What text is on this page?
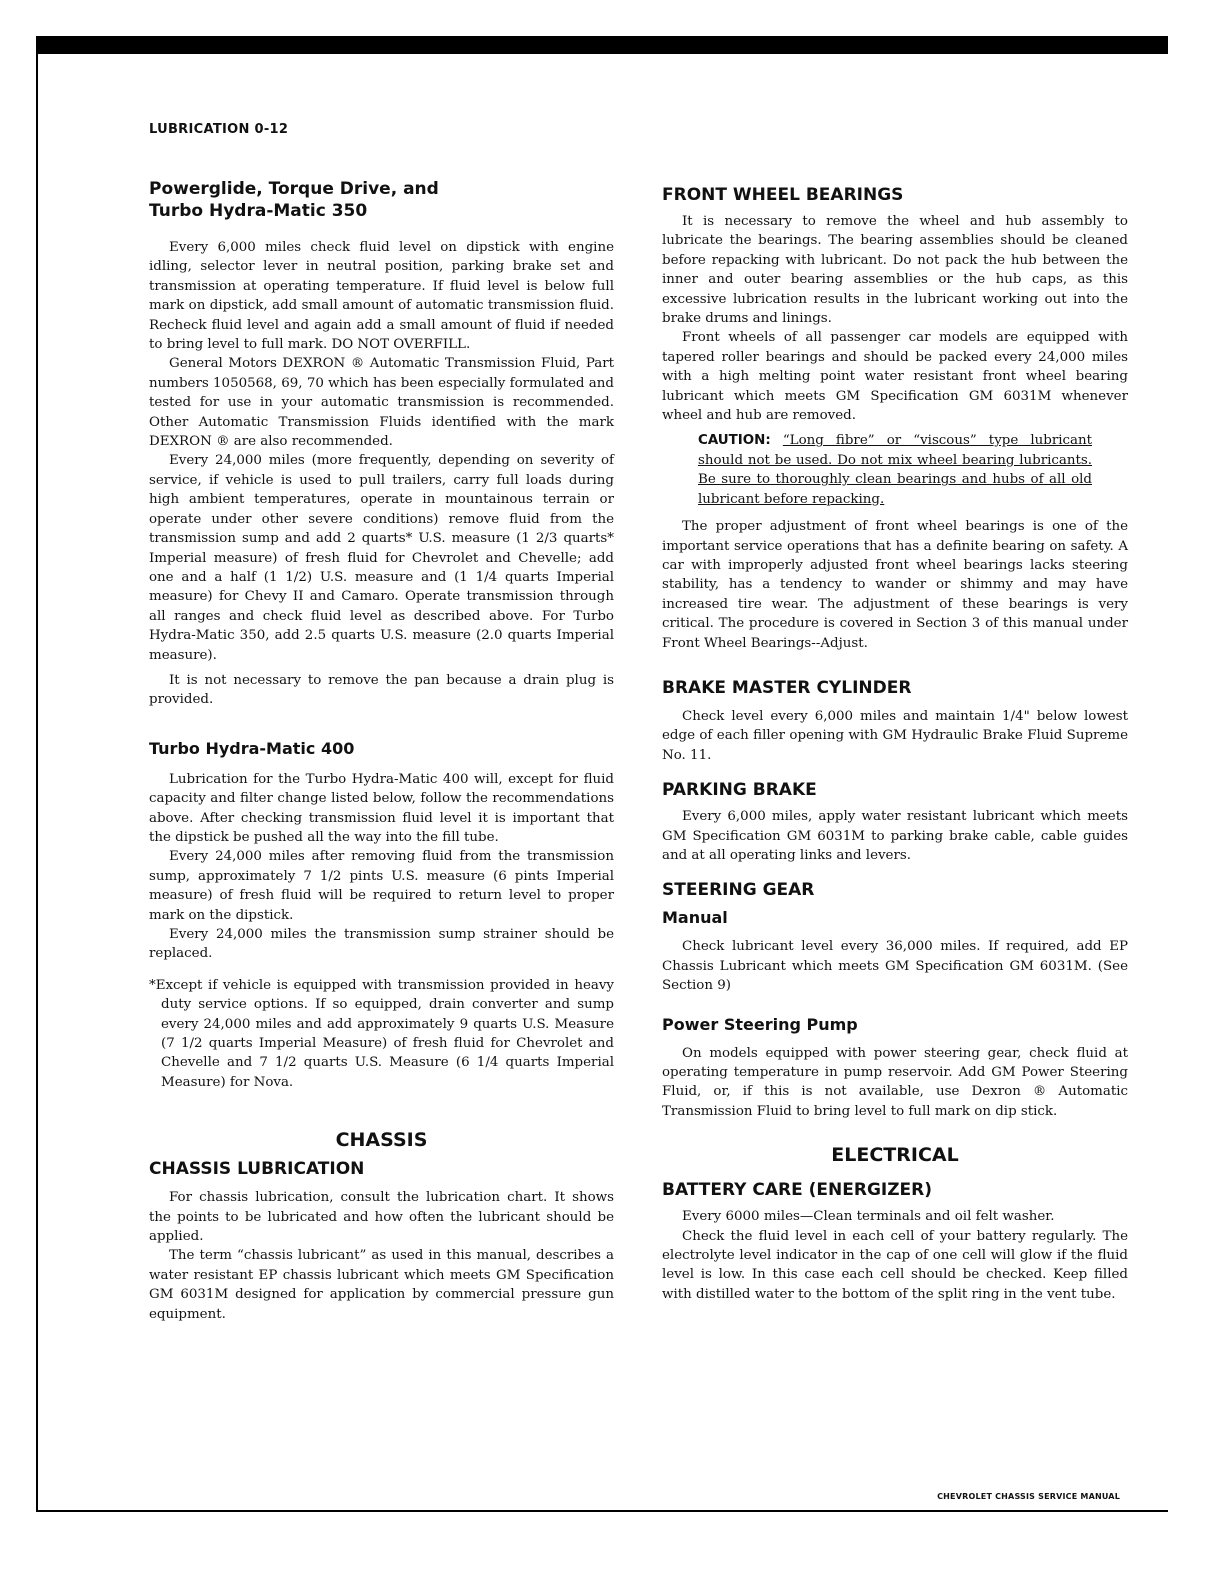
LUBRICATION 0-12
Powerglide, Torque Drive, and
Turbo Hydra-Matic 350

Every 6,000 miles check fluid level on dipstick with engine idling, selector lever in neutral position, parking brake set and transmission at operating temperature. If fluid level is below full mark on dipstick, add small amount of automatic transmission fluid. Recheck fluid level and again add a small amount of fluid if needed to bring level to full mark. DO NOT OVERFILL.

General Motors DEXRON ® Automatic Transmission Fluid, Part numbers 1050568, 69, 70 which has been especially formulated and tested for use in your automatic transmission is recommended. Other Automatic Transmission Fluids identified with the mark DEXRON ® are also recommended.

Every 24,000 miles (more frequently, depending on severity of service, if vehicle is used to pull trailers, carry full loads during high ambient temperatures, operate in mountainous terrain or operate under other severe conditions) remove fluid from the transmission sump and add 2 quarts* U.S. measure (1 2/3 quarts* Imperial measure) of fresh fluid for Chevrolet and Chevelle; add one and a half (1 1/2) U.S. measure and (1 1/4 quarts Imperial measure) for Chevy II and Camaro. Operate transmission through all ranges and check fluid level as described above. For Turbo Hydra-Matic 350, add 2.5 quarts U.S. measure (2.0 quarts Imperial measure).

It is not necessary to remove the pan because a drain plug is provided.

Turbo Hydra-Matic 400

Lubrication for the Turbo Hydra-Matic 400 will, except for fluid capacity and filter change listed below, follow the recommendations above. After checking transmission fluid level it is important that the dipstick be pushed all the way into the fill tube.

Every 24,000 miles after removing fluid from the transmission sump, approximately 7 1/2 pints U.S. measure (6 pints Imperial measure) of fresh fluid will be required to return level to proper mark on the dipstick.

Every 24,000 miles the transmission sump strainer should be replaced.

*Except if vehicle is equipped with transmission provided in heavy duty service options. If so equipped, drain converter and sump every 24,000 miles and add approximately 9 quarts U.S. Measure (7 1/2 quarts Imperial Measure) of fresh fluid for Chevrolet and Chevelle and 7 1/2 quarts U.S. Measure (6 1/4 quarts Imperial Measure) for Nova.

CHASSIS
CHASSIS LUBRICATION

For chassis lubrication, consult the lubrication chart. It shows the points to be lubricated and how often the lubricant should be applied.

The term “chassis lubricant” as used in this manual, describes a water resistant EP chassis lubricant which meets GM Specification GM 6031M designed for application by commercial pressure gun equipment.

FRONT WHEEL BEARINGS

It is necessary to remove the wheel and hub assembly to lubricate the bearings. The bearing assemblies should be cleaned before repacking with lubricant. Do not pack the hub between the inner and outer bearing assemblies or the hub caps, as this excessive lubrication results in the lubricant working out into the brake drums and linings.

Front wheels of all passenger car models are equipped with tapered roller bearings and should be packed every 24,000 miles with a high melting point water resistant front wheel bearing lubricant which meets GM Specification GM 6031M whenever wheel and hub are removed.

CAUTION: “Long fibre” or “viscous” type lubricant should not be used. Do not mix wheel bearing lubricants. Be sure to thoroughly clean bearings and hubs of all old lubricant before repacking.

The proper adjustment of front wheel bearings is one of the important service operations that has a definite bearing on safety. A car with improperly adjusted front wheel bearings lacks steering stability, has a tendency to wander or shimmy and may have increased tire wear. The adjustment of these bearings is very critical. The procedure is covered in Section 3 of this manual under Front Wheel Bearings--Adjust.

BRAKE MASTER CYLINDER

Check level every 6,000 miles and maintain 1/4" below lowest edge of each filler opening with GM Hydraulic Brake Fluid Supreme No. 11.

PARKING BRAKE

Every 6,000 miles, apply water resistant lubricant which meets GM Specification GM 6031M to parking brake cable, cable guides and at all operating links and levers.

STEERING GEAR
Manual

Check lubricant level every 36,000 miles. If required, add EP Chassis Lubricant which meets GM Specification GM 6031M. (See Section 9)

Power Steering Pump

On models equipped with power steering gear, check fluid at operating temperature in pump reservoir. Add GM Power Steering Fluid, or, if this is not available, use Dexron ® Automatic Transmission Fluid to bring level to full mark on dip stick.

ELECTRICAL
BATTERY CARE (ENERGIZER)

Every 6000 miles—Clean terminals and oil felt washer.

Check the fluid level in each cell of your battery regularly. The electrolyte level indicator in the cap of one cell will glow if the fluid level is low. In this case each cell should be checked. Keep filled with distilled water to the bottom of the split ring in the vent tube.

CHEVROLET CHASSIS SERVICE MANUAL
